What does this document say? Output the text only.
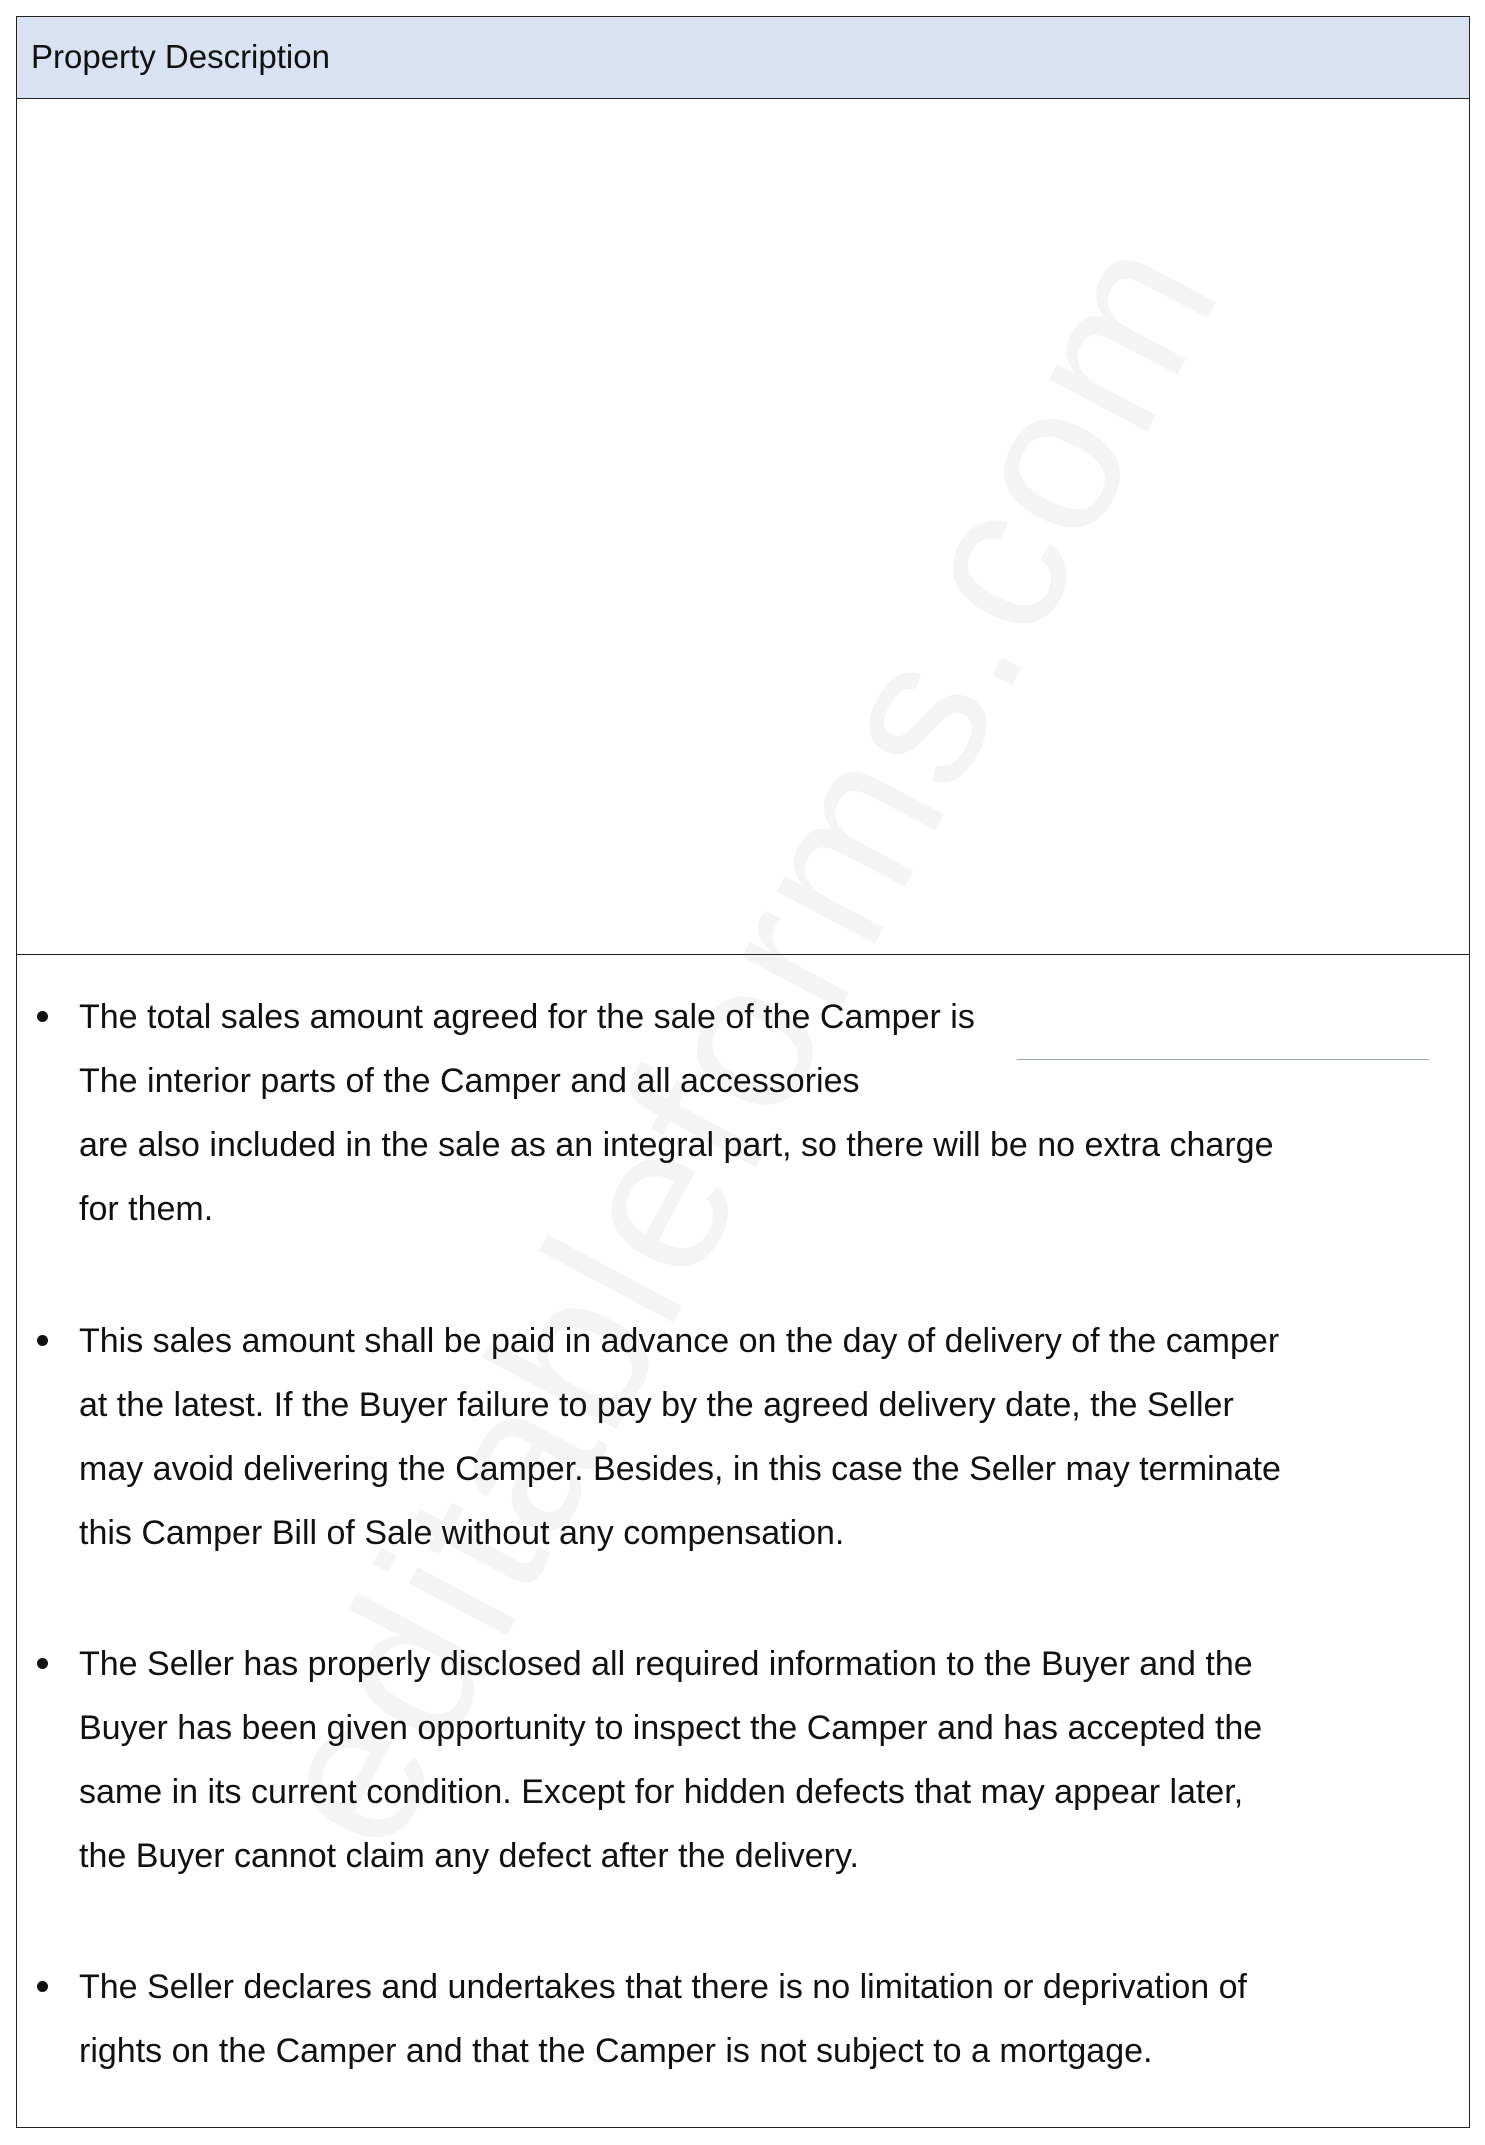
Property Description
The total sales amount agreed for the sale of the Camper is
The interior parts of the Camper and all accessories
are also included in the sale as an integral part, so there will be no extra charge
for them.
This sales amount shall be paid in advance on the day of delivery of the camper
at the latest. If the Buyer failure to pay by the agreed delivery date, the Seller
may avoid delivering the Camper. Besides, in this case the Seller may terminate
this Camper Bill of Sale without any compensation.
The Seller has properly disclosed all required information to the Buyer and the
Buyer has been given opportunity to inspect the Camper and has accepted the
same in its current condition. Except for hidden defects that may appear later,
the Buyer cannot claim any defect after the delivery.
The Seller declares and undertakes that there is no limitation or deprivation of
rights on the Camper and that the Camper is not subject to a mortgage.
